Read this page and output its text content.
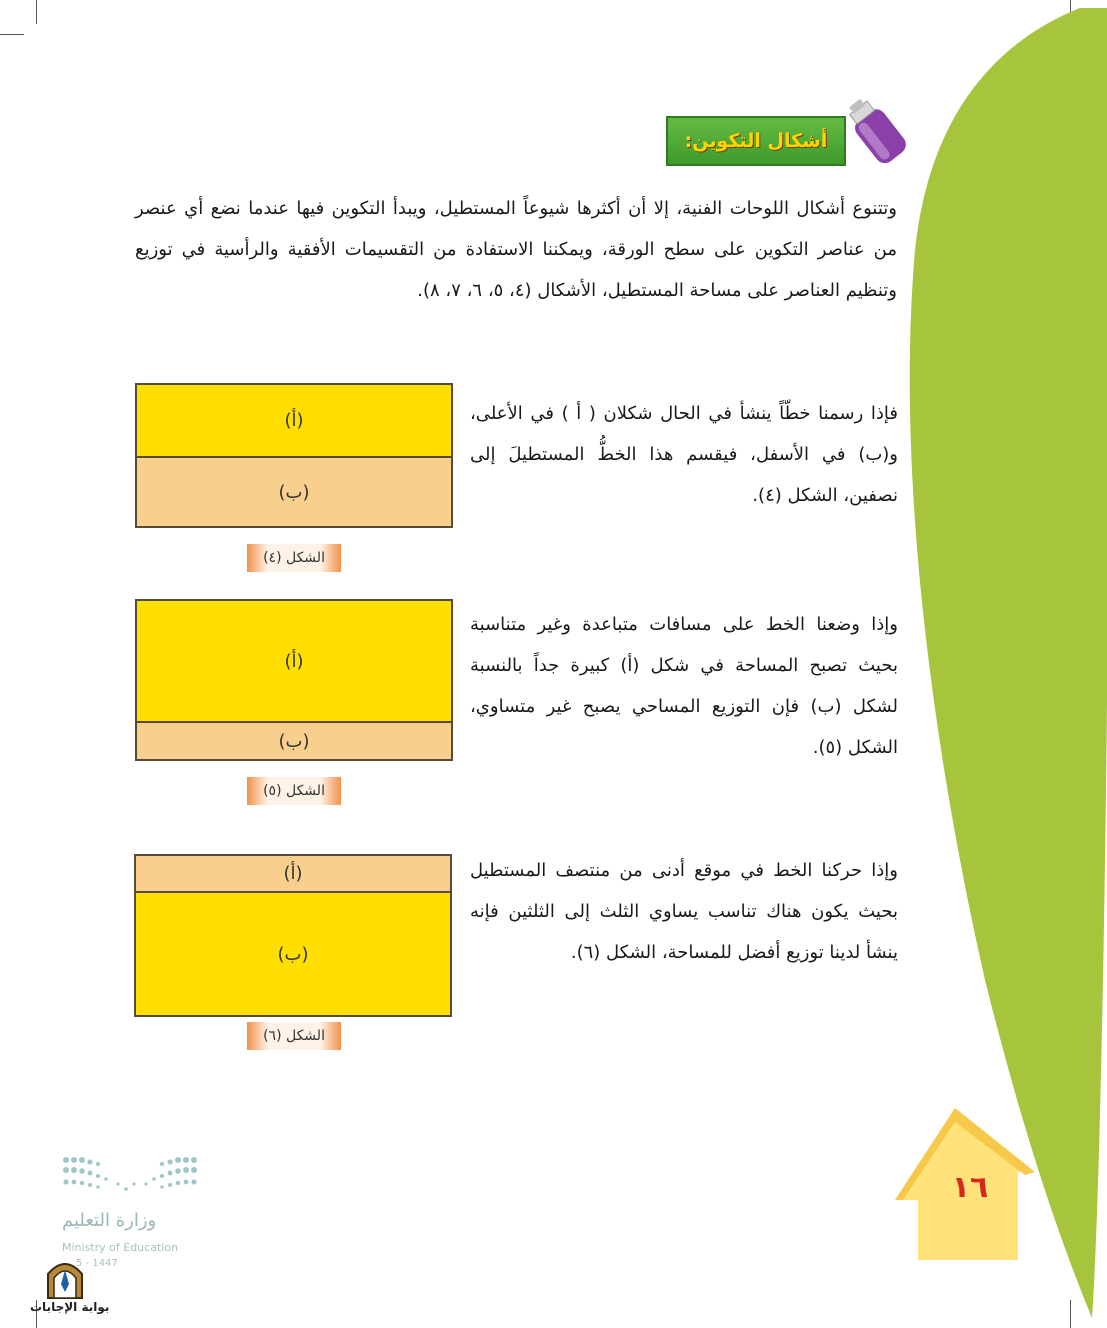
أشكال التكوين:
وتتنوع أشكال اللوحات الفنية، إلا أن أكثرها شيوعاً المستطيل، ويبدأ التكوين فيها عندما نضع أي عنصر من عناصر التكوين على سطح الورقة، ويمكننا الاستفادة من التقسيمات الأفقية والرأسية في توزيع وتنظيم العناصر على مساحة المستطيل، الأشكال (٤، ٥، ٦، ٧، ٨).
فإذا رسمنا خطّاً ينشأ في الحال شكلان ( أ ) في الأعلى، و(ب) في الأسفل، فيقسم هذا الخطُّ المستطيلَ إلى نصفين، الشكل (٤).
(أ)
(ب)
الشكل (٤)
وإذا وضعنا الخط على مسافات متباعدة وغير متناسبة بحيث تصبح المساحة في شكل (أ) كبيرة جداً بالنسبة لشكل (ب) فإن التوزيع المساحي يصبح غير متساوي، الشكل (٥).
(أ)
(ب)
الشكل (٥)
وإذا حركنا الخط في موقع أدنى من منتصف المستطيل بحيث يكون هناك تناسب يساوي الثلث إلى الثلثين فإنه ينشأ لدينا توزيع أفضل للمساحة، الشكل (٦).
(أ)
(ب)
الشكل (٦)
١٦
وزارة التعليم
Ministry of Education
5 - 1447
بوابة الإجابات
